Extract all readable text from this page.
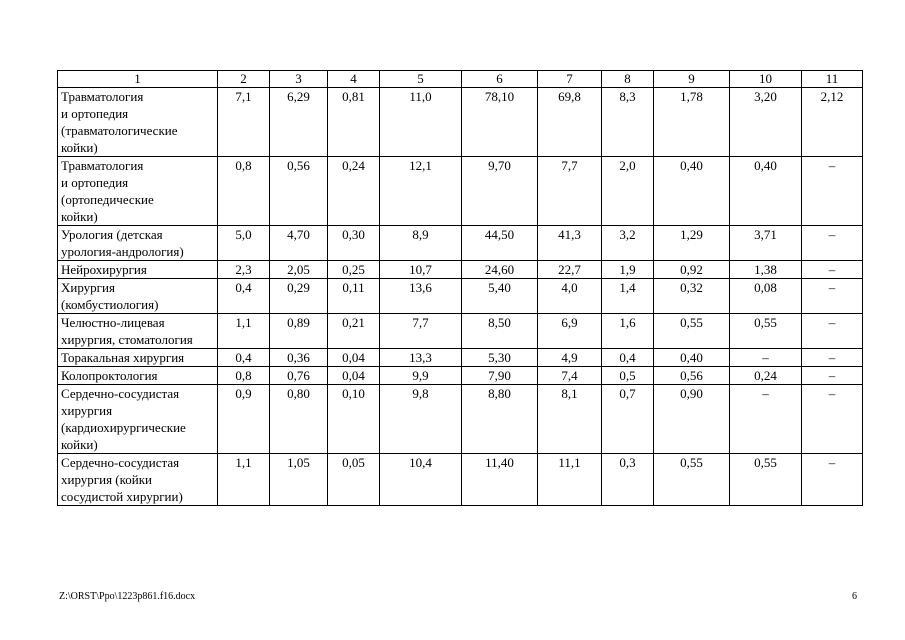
1	2	3	4	5	6	7	8	9	10	11
Травматология
и ортопедия
(травматологические
койки)	7,1	6,29	0,81	11,0	78,10	69,8	8,3	1,78	3,20	2,12
Травматология
и ортопедия
(ортопедические
койки)	0,8	0,56	0,24	12,1	9,70	7,7	2,0	0,40	0,40	–
Урология (детская
урология-андрология)	5,0	4,70	0,30	8,9	44,50	41,3	3,2	1,29	3,71	–
Нейрохирургия	2,3	2,05	0,25	10,7	24,60	22,7	1,9	0,92	1,38	–
Хирургия
(комбустиология)	0,4	0,29	0,11	13,6	5,40	4,0	1,4	0,32	0,08	–
Челюстно-лицевая
хирургия, стоматология	1,1	0,89	0,21	7,7	8,50	6,9	1,6	0,55	0,55	–
Торакальная хирургия	0,4	0,36	0,04	13,3	5,30	4,9	0,4	0,40	–	–
Колопроктология	0,8	0,76	0,04	9,9	7,90	7,4	0,5	0,56	0,24	–
Сердечно-сосудистая
хирургия
(кардиохирургические
койки)	0,9	0,80	0,10	9,8	8,80	8,1	0,7	0,90	–	–
Сердечно-сосудистая
хирургия (койки
сосудистой хирургии)	1,1	1,05	0,05	10,4	11,40	11,1	0,3	0,55	0,55	–
Z:\ORST\Ppo\1223p861.f16.docx	6
